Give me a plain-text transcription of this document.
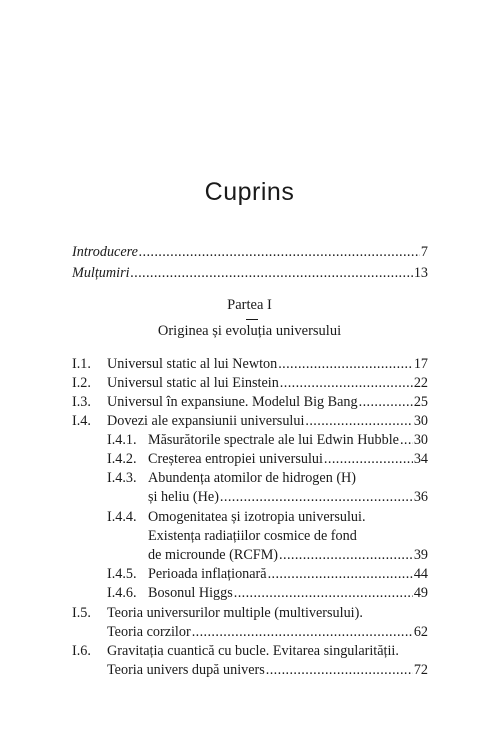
Cuprins
Introducere .....	7
Mulțumiri .....	13
Partea I
Originea și evoluția universului
I.1. Universul static al lui Newton .....	17
I.2. Universul static al lui Einstein .....	22
I.3. Universul în expansiune. Modelul Big Bang .....	25
I.4. Dovezi ale expansiunii universului .....	30
I.4.1. Măsurătorile spectrale ale lui Edwin Hubble ..... 30
I.4.2. Creșterea entropiei universului .....	34
I.4.3. Abundența atomilor de hidrogen (H)
și heliu (He) .....	36
I.4.4. Omogenitatea și izotropia universului.
Existența radiațiilor cosmice de fond
de microunde (RCFM) .....	39
I.4.5. Perioada inflaționară .....	44
I.4.6. Bosonul Higgs .....	49
I.5. Teoria universurilor multiple (multiversului).
Teoria corzilor .....	62
I.6. Gravitația cuantică cu bucle. Evitarea singularității.
Teoria univers după univers .....	72
